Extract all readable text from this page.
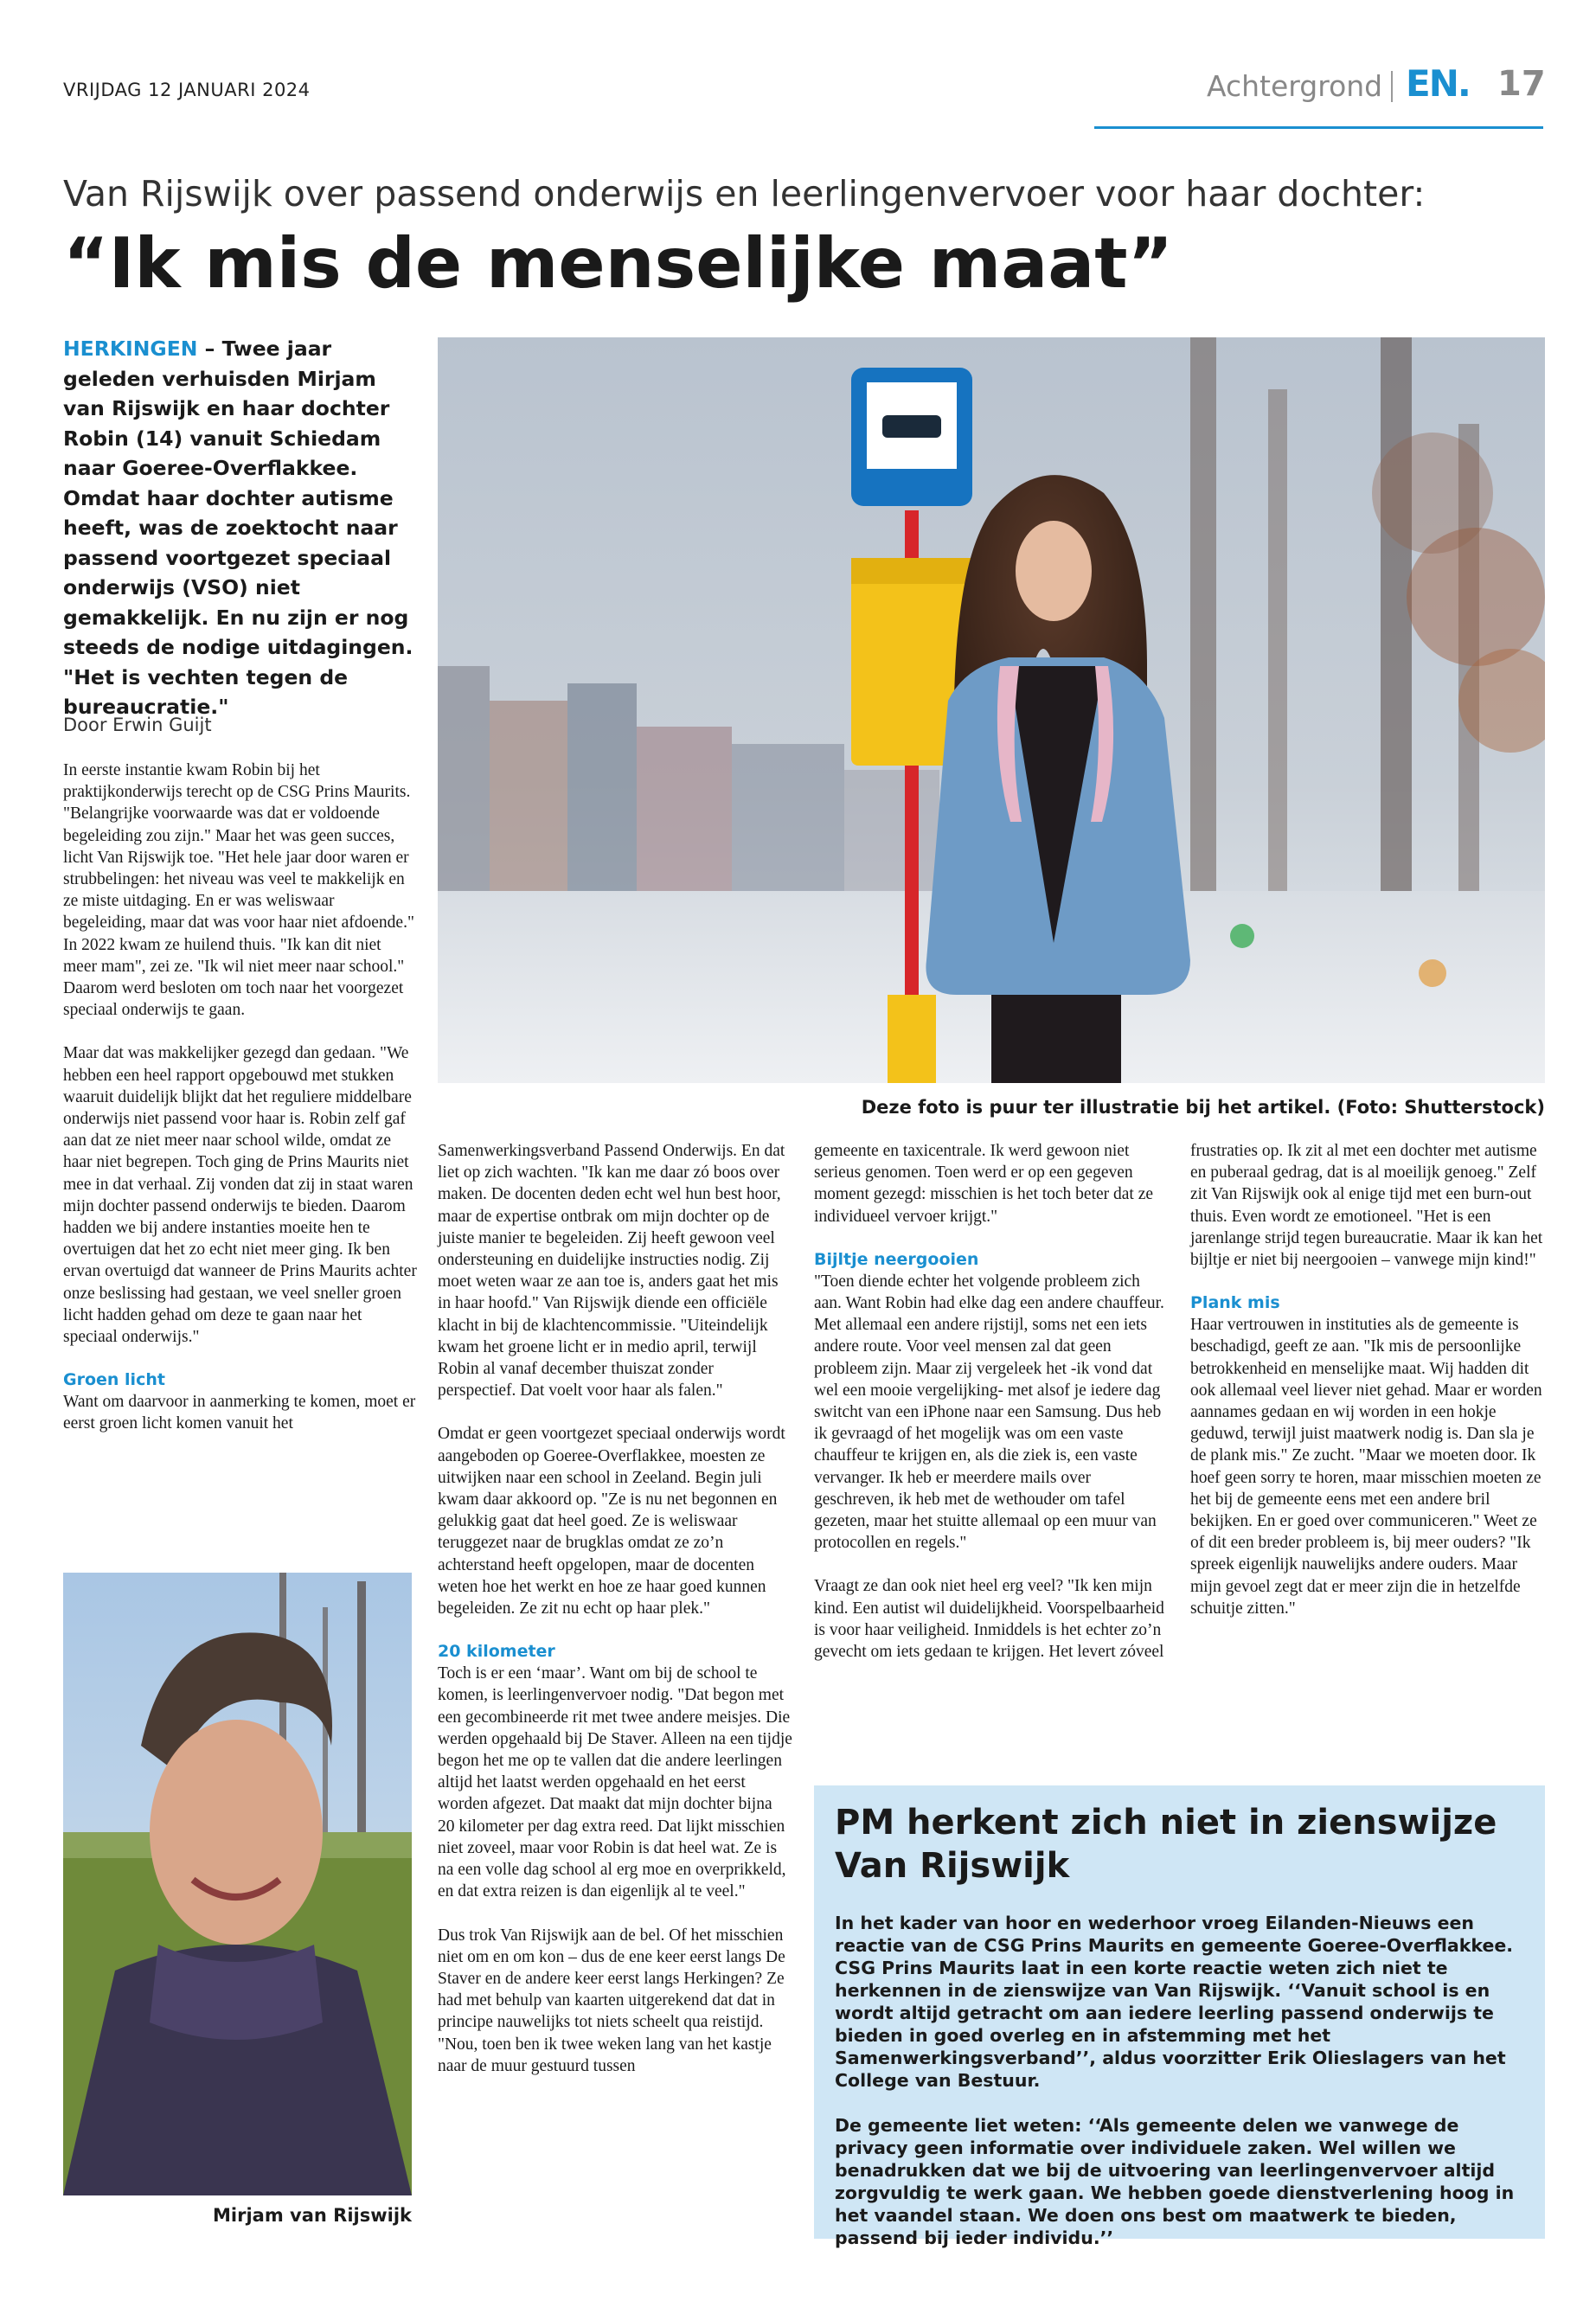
VRIJDAG 12 JANUARI 2024	Achtergrond EN. 17
Van Rijswijk over passend onderwijs en leerlingenvervoer voor haar dochter:
“Ik mis de menselijke maat”
HERKINGEN – Twee jaar geleden verhuisden Mirjam van Rijswijk en haar dochter Robin (14) vanuit Schiedam naar Goeree-Overflakkee. Omdat haar dochter autisme heeft, was de zoektocht naar passend voortgezet speciaal onderwijs (VSO) niet gemakkelijk. En nu zijn er nog steeds de nodige uitdagingen. "Het is vechten tegen de bureaucratie."
Door Erwin Guijt

In eerste instantie kwam Robin bij het praktijkonderwijs terecht op de CSG Prins Maurits. "Belangrijke voorwaarde was dat er voldoende begeleiding zou zijn." Maar het was geen succes, licht Van Rijswijk toe. "Het hele jaar door waren er strubbelingen: het niveau was veel te makkelijk en ze miste uitdaging. En er was weliswaar begeleiding, maar dat was voor haar niet afdoende." In 2022 kwam ze huilend thuis. "Ik kan dit niet meer mam", zei ze. "Ik wil niet meer naar school." Daarom werd besloten om toch naar het voorgezet speciaal onderwijs te gaan.

Maar dat was makkelijker gezegd dan gedaan. "We hebben een heel rapport opgebouwd met stukken waaruit duidelijk blijkt dat het reguliere middelbare onderwijs niet passend voor haar is. Robin zelf gaf aan dat ze niet meer naar school wilde, omdat ze haar niet begrepen. Toch ging de Prins Maurits niet mee in dat verhaal. Zij vonden dat zij in staat waren mijn dochter passend onderwijs te bieden. Daarom hadden we bij andere instanties moeite hen te overtuigen dat het zo echt niet meer ging. Ik ben ervan overtuigd dat wanneer de Prins Maurits achter onze beslissing had gestaan, we veel sneller groen licht hadden gehad om deze te gaan naar het speciaal onderwijs."

Groen licht

Want om daarvoor in aanmerking te komen, moet er eerst groen licht komen vanuit het

Deze foto is puur ter illustratie bij het artikel. (Foto: Shutterstock)

Samenwerkingsverband Passend Onderwijs. En dat liet op zich wachten. "Ik kan me daar zó boos over maken. De docenten deden echt wel hun best hoor, maar de expertise ontbrak om mijn dochter op de juiste manier te begeleiden. Zij heeft gewoon veel ondersteuning en duidelijke instructies nodig. Zij moet weten waar ze aan toe is, anders gaat het mis in haar hoofd." Van Rijswijk diende een officiële klacht in bij de klachtencommissie. "Uiteindelijk kwam het groene licht er in medio april, terwijl Robin al vanaf december thuiszat zonder perspectief. Dat voelt voor haar als falen."

Omdat er geen voortgezet speciaal onderwijs wordt aangeboden op Goeree-Overflakkee, moesten ze uitwijken naar een school in Zeeland. Begin juli kwam daar akkoord op. "Ze is nu net begonnen en gelukkig gaat dat heel goed. Ze is weliswaar teruggezet naar de brugklas omdat ze zo’n achterstand heeft opgelopen, maar de docenten weten hoe het werkt en hoe ze haar goed kunnen begeleiden. Ze zit nu echt op haar plek."

20 kilometer

Toch is er een ‘maar’. Want om bij de school te komen, is leerlingenvervoer nodig. "Dat begon met een gecombineerde rit met twee andere meisjes. Die werden opgehaald bij De Staver. Alleen na een tijdje begon het me op te vallen dat die andere leerlingen altijd het laatst werden opgehaald en het eerst worden afgezet. Dat maakt dat mijn dochter bijna 20 kilometer per dag extra reed. Dat lijkt misschien niet zoveel, maar voor Robin is dat heel wat. Ze is na een volle dag school al erg moe en overprikkeld, en dat extra reizen is dan eigenlijk al te veel."

Dus trok Van Rijswijk aan de bel. Of het misschien niet om en om kon – dus de ene keer eerst langs De Staver en de andere keer eerst langs Herkingen? Ze had met behulp van kaarten uitgerekend dat dat in principe nauwelijks tot niets scheelt qua reistijd. "Nou, toen ben ik twee weken lang van het kastje naar de muur gestuurd tussen

gemeente en taxicentrale. Ik werd gewoon niet serieus genomen. Toen werd er op een gegeven moment gezegd: misschien is het toch beter dat ze individueel vervoer krijgt."

Bijltje neergooien

"Toen diende echter het volgende probleem zich aan. Want Robin had elke dag een andere chauffeur. Met allemaal een andere rijstijl, soms net een iets andere route. Voor veel mensen zal dat geen probleem zijn. Maar zij vergeleek het -ik vond dat wel een mooie vergelijking- met alsof je iedere dag switcht van een iPhone naar een Samsung. Dus heb ik gevraagd of het mogelijk was om een vaste chauffeur te krijgen en, als die ziek is, een vaste vervanger. Ik heb er meerdere mails over geschreven, ik heb met de wethouder om tafel gezeten, maar het stuitte allemaal op een muur van protocollen en regels."

Vraagt ze dan ook niet heel erg veel? "Ik ken mijn kind. Een autist wil duidelijkheid. Voorspelbaarheid is voor haar veiligheid. Inmiddels is het echter zo’n gevecht om iets gedaan te krijgen. Het levert zóveel

frustraties op. Ik zit al met een dochter met autisme en puberaal gedrag, dat is al moeilijk genoeg." Zelf zit Van Rijswijk ook al enige tijd met een burn-out thuis. Even wordt ze emotioneel. "Het is een jarenlange strijd tegen bureaucratie. Maar ik kan het bijltje er niet bij neergooien – vanwege mijn kind!"

Plank mis

Haar vertrouwen in instituties als de gemeente is beschadigd, geeft ze aan. "Ik mis de persoonlijke betrokkenheid en menselijke maat. Wij hadden dit ook allemaal veel liever niet gehad. Maar er worden aannames gedaan en wij worden in een hokje geduwd, terwijl juist maatwerk nodig is. Dan sla je de plank mis." Ze zucht. "Maar we moeten door. Ik hoef geen sorry te horen, maar misschien moeten ze het bij de gemeente eens met een andere bril bekijken. En er goed over communiceren." Weet ze of dit een breder probleem is, bij meer ouders? "Ik spreek eigenlijk nauwelijks andere ouders. Maar mijn gevoel zegt dat er meer zijn die in hetzelfde schuitje zitten."

Mirjam van Rijswijk
PM herkent zich niet in zienswijze Van Rijswijk

In het kader van hoor en wederhoor vroeg Eilanden-Nieuws een reactie van de CSG Prins Maurits en gemeente Goeree-Overflakkee. CSG Prins Maurits laat in een korte reactie weten zich niet te herkennen in de zienswijze van Van Rijswijk. ‘‘Vanuit school is en wordt altijd getracht om aan iedere leerling passend onderwijs te bieden in goed overleg en in afstemming met het Samenwerkingsverband’’, aldus voorzitter Erik Olieslagers van het College van Bestuur.

De gemeente liet weten: ‘‘Als gemeente delen we vanwege de privacy geen informatie over individuele zaken. Wel willen we benadrukken dat we bij de uitvoering van leerlingenvervoer altijd zorgvuldig te werk gaan. We hebben goede dienstverlening hoog in het vaandel staan. We doen ons best om maatwerk te bieden, passend bij ieder individu.’’
